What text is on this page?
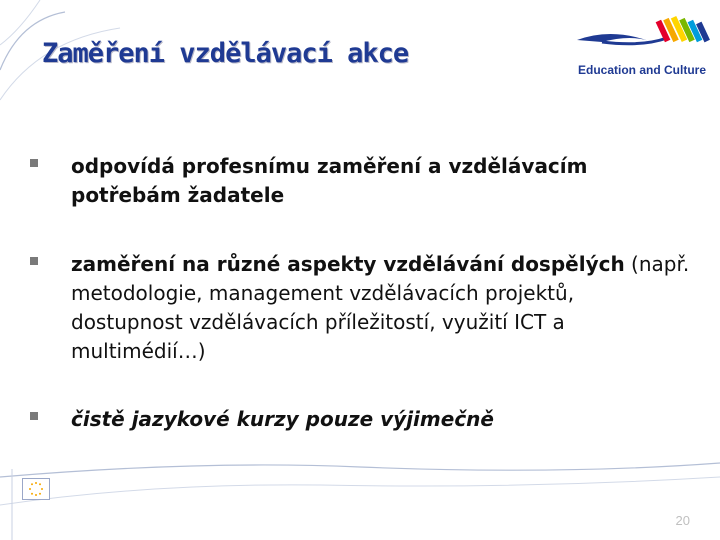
Zaměření vzdělávací akce
Education and Culture
odpovídá profesnímu zaměření a vzdělávacím potřebám žadatele
zaměření na různé aspekty vzdělávání dospělých (např. metodologie, management vzdělávacích projektů, dostupnost vzdělávacích příležitostí, využití ICT a multimédií…)
čistě jazykové kurzy pouze výjimečně
20
